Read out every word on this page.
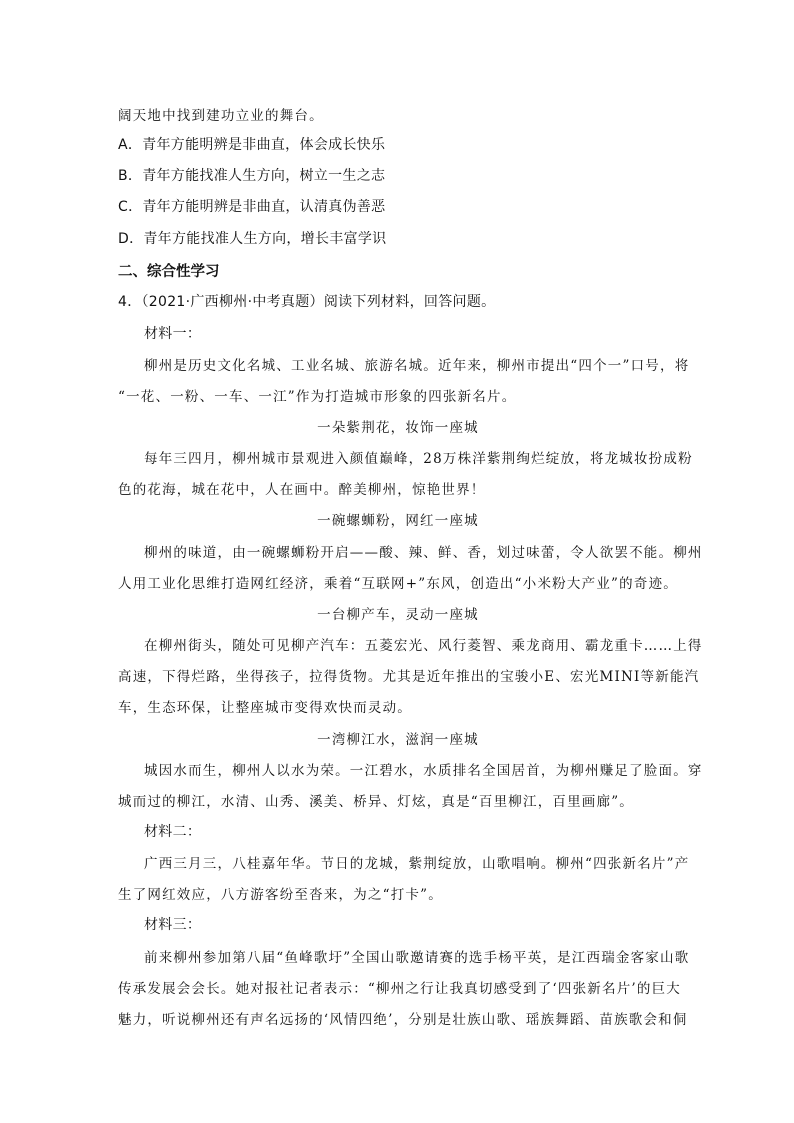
阔天地中找到建功立业的舞台。
A．青年方能明辨是非曲直，体会成长快乐
B．青年方能找准人生方向，树立一生之志
C．青年方能明辨是非曲直，认清真伪善恶
D．青年方能找准人生方向，增长丰富学识
二、综合性学习
4．（2021·广西柳州·中考真题）阅读下列材料，回答问题。
材料一：
柳州是历史文化名城、工业名城、旅游名城。近年来，柳州市提出“四个一”口号，将
“一花、一粉、一车、一江”作为打造城市形象的四张新名片。
一朵紫荆花，妆饰一座城
每年三四月，柳州城市景观进入颜值巅峰，28万株洋紫荆绚烂绽放，将龙城妆扮成粉
色的花海，城在花中，人在画中。醉美柳州，惊艳世界！
一碗螺蛳粉，网红一座城
柳州的味道，由一碗螺蛳粉开启——酸、辣、鲜、香，划过味蕾，令人欲罢不能。柳州
人用工业化思维打造网红经济，乘着“互联网+”东风，创造出“小米粉大产业”的奇迹。
一台柳产车，灵动一座城
在柳州街头，随处可见柳产汽车：五菱宏光、风行菱智、乘龙商用、霸龙重卡……上得
高速，下得烂路，坐得孩子，拉得货物。尤其是近年推出的宝骏小E、宏光MINI等新能汽
车，生态环保，让整座城市变得欢快而灵动。
一湾柳江水，滋润一座城
城因水而生，柳州人以水为荣。一江碧水，水质排名全国居首，为柳州赚足了脸面。穿
城而过的柳江，水清、山秀、溪美、桥异、灯炫，真是“百里柳江，百里画廊”。
材料二：
广西三月三，八桂嘉年华。节日的龙城，紫荆绽放，山歌唱响。柳州“四张新名片”产
生了网红效应，八方游客纷至沓来，为之“打卡”。
材料三：
前来柳州参加第八届“鱼峰歌圩”全国山歌邀请赛的选手杨平英，是江西瑞金客家山歌
传承发展会会长。她对报社记者表示：“柳州之行让我真切感受到了‘四张新名片’的巨大
魅力，听说柳州还有声名远扬的‘风情四绝’，分别是壮族山歌、瑶族舞蹈、苗族歌会和侗
